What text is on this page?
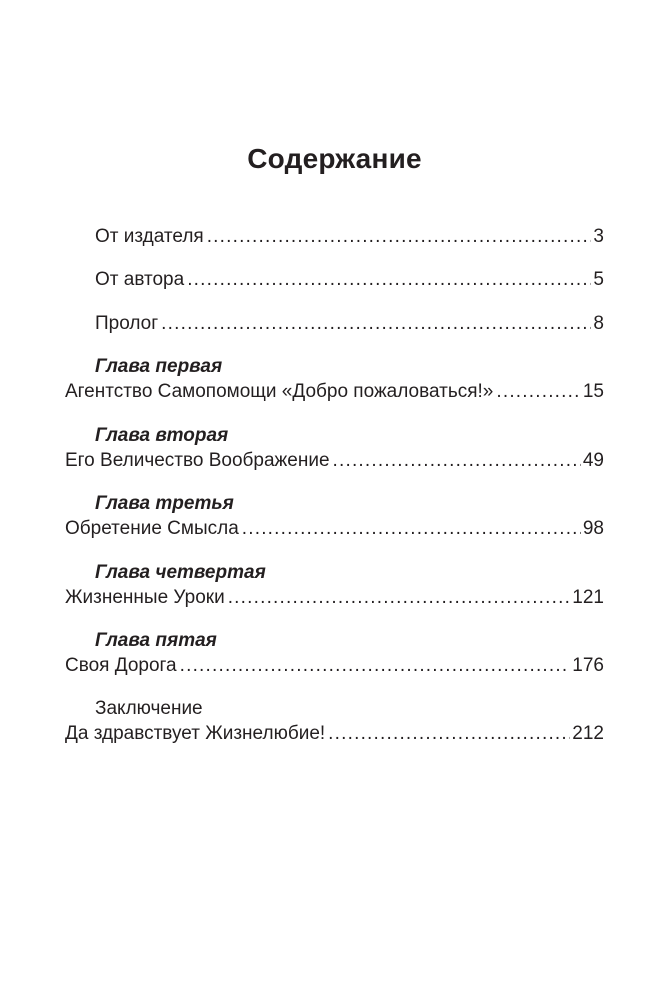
Содержание
От издателя .....	3
От автора .....	5
Пролог .....	8
Глава первая
Агентство Самопомощи «Добро пожаловаться!» .....	15
Глава вторая
Его Величество Воображение .....	49
Глава третья
Обретение Смысла .....	98
Глава четвертая
Жизненные Уроки .....	121
Глава пятая
Своя Дорога .....	176
Заключение
Да здравствует Жизнелюбие! .....	212
